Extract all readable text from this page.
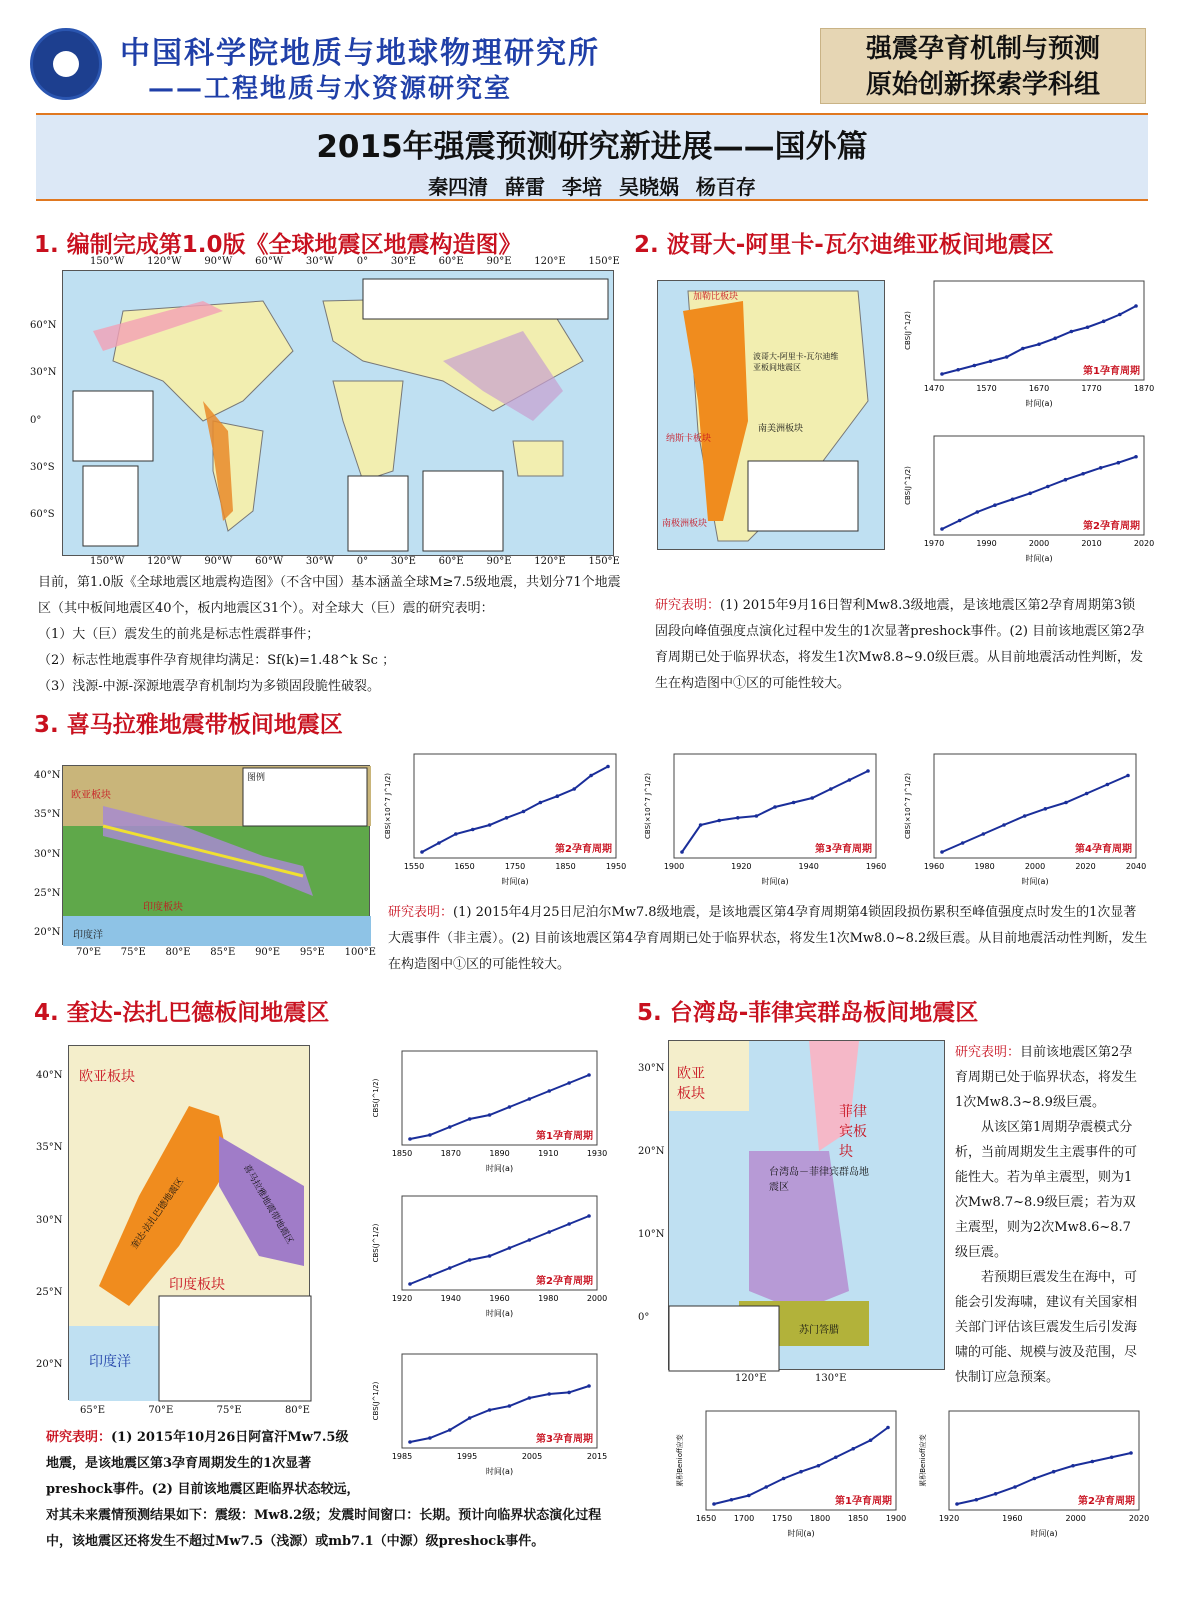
中国科学院地质与地球物理研究所
——工程地质与水资源研究室
强震孕育机制与预测
原始创新探索学科组
2015年强震预测研究新进展——国外篇
秦四清 薛雷 李培 吴晓娲 杨百存
1. 编制完成第1.0版《全球地震区地震构造图》
150°W 120°W 90°W 60°W 30°W 0° 30°E 60°E 90°E 120°E 150°E
150°W 120°W 90°W 60°W 30°W 0° 30°E 60°E 90°E 120°E 150°E
60°N
30°N
0°
30°S
60°S

目前，第1.0版《全球地震区地震构造图》（不含中国）基本涵盖全球M≥7.5级地震，共划分71个地震区（其中板间地震区40个，板内地震区31个）。对全球大（巨）震的研究表明：

（1）大（巨）震发生的前兆是标志性震群事件；

（2）标志性地震事件孕育规律均满足：Sf(k)=1.48^k Sc ；

（3）浅源-中源-深源地震孕育机制均为多锁固段脆性破裂。

2. 波哥大-阿里卡-瓦尔迪维亚板间地震区
南美洲板块
加勒比板块
纳斯卡板块
南极洲板块
波哥大-阿里卡-瓦尔迪维亚板间地震区
1470	1570	1670	1770	1870
时间(a)
CBS(J^1/2)
第1孕育周期
1970	1990	2000	2010	2020
时间(a)
CBS(J^1/2)
第2孕育周期
研究表明：(1) 2015年9月16日智利Mw8.3级地震，是该地震区第2孕育周期第3锁固段向峰值强度点演化过程中发生的1次显著preshock事件。(2) 目前该地震区第2孕育周期已处于临界状态，将发生1次Mw8.8~9.0级巨震。从目前地震活动性判断，发生在构造图中①区的可能性较大。
3. 喜马拉雅地震带板间地震区
欧亚板块
印度板块
印度洋
图例
70°E 75°E 80°E 85°E 90°E 95°E 100°E
40°N
35°N
30°N
25°N
20°N
1550	1650	1750	1850	1950
时间(a)
CBS(×10^7 J^1/2)
第2孕育周期
1900	1920	1940	1960
时间(a)
CBS(×10^7 J^1/2)
第3孕育周期
1960	1980	2000	2020	2040
时间(a)
CBS(×10^7 J^1/2)
第4孕育周期
研究表明：(1) 2015年4月25日尼泊尔Mw7.8级地震，是该地震区第4孕育周期第4锁固段损伤累积至峰值强度点时发生的1次显著大震事件（非主震）。(2) 目前该地震区第4孕育周期已处于临界状态，将发生1次Mw8.0~8.2级巨震。从目前地震活动性判断，发生在构造图中①区的可能性较大。
4. 奎达-法扎巴德板间地震区
欧亚板块
印度板块
印度洋
奎达-法扎巴德地震区	喜马拉雅地震带地震区
65°E	70°E	75°E	80°E
40°N
35°N
30°N
25°N
20°N
1850	1870	1890	1910	1930
时间(a)
CBS(J^1/2)
第1孕育周期
1920	1940	1960	1980	2000
时间(a)
CBS(J^1/2)
第2孕育周期
1985	1995	2005	2015
时间(a)
CBS(J^1/2)
第3孕育周期
研究表明：(1) 2015年10月26日阿富汗Mw7.5级地震，是该地震区第3孕育周期发生的1次显著preshock事件。(2) 目前该地震区距临界状态较远，对其未来震情预测结果如下：震级：Mw8.2级；发震时间窗口：长期。预计向临界状态演化过程中，该地震区还将发生不超过Mw7.5（浅源）或mb7.1（中源）级preshock事件。
5. 台湾岛-菲律宾群岛板间地震区
欧亚板块
菲律宾板块
台湾岛－菲律宾群岛地震区
苏门答腊
120°E	130°E
30°N
20°N
10°N
0°

研究表明：目前该地震区第2孕育周期已处于临界状态，将发生1次Mw8.3~8.9级巨震。

从该区第1周期孕震模式分析，当前周期发生主震事件的可能性大。若为单主震型，则为1次Mw8.7~8.9级巨震；若为双主震型，则为2次Mw8.6~8.7级巨震。

若预期巨震发生在海中，可能会引发海啸，建议有关国家相关部门评估该巨震发生后引发海啸的可能、规模与波及范围，尽快制订应急预案。

1650 1700 1750 1800 1850 1900
时间(a)
累积Benioff应变
第1孕育周期
1920	1960	2000	2020
时间(a)
累积Benioff应变
第2孕育周期
